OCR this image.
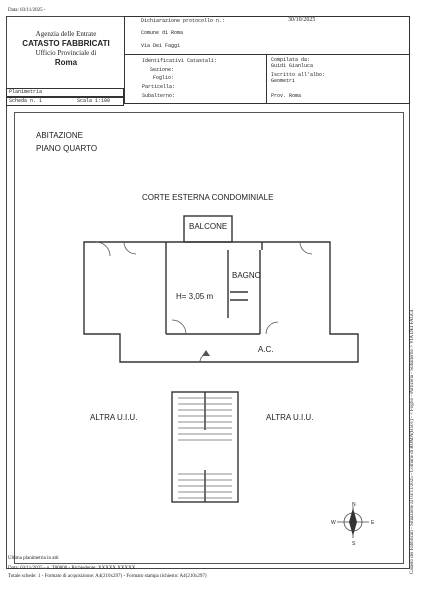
Data: 03/11/2025 -
Agenzia delle Entrate
CATASTO FABBRICATI
Ufficio Provinciale di
Roma
Dichiarazione protocollo n.:	30/10/2025
Comune di Roma
Via Dei Faggi
Identificativi Catastali:
Sezione:
Foglio:
Particella:
Subalterno:
Compilata da:
Guidi Gianluca
Iscritto all'albo:
Geometri
Prov. Roma
Planimetria
Scheda n. 1	Scala 1:100
ABITAZIONE
PIANO QUARTO
CORTE ESTERNA CONDOMINIALE
BALCONE
BAGNO
H= 3,05 m
A.C.
ALTRA U.I.U.	ALTRA U.I.U.
N
S
E
W	Catasto dei Fabbricati - Situazione al 03/11/2025 - Comune di ROMA(H501) - < Foglio - Particella - Subalterno > VIA DEI FAGGI
Ultima planimetria in atti
Data: 03/11/2025 - n. T00000 - Richiedente: XXXXX XXXXX
Totale schede: 1 - Formato di acquisizione: A4(210x297) - Formato stampa richiesto: A4(210x297)
